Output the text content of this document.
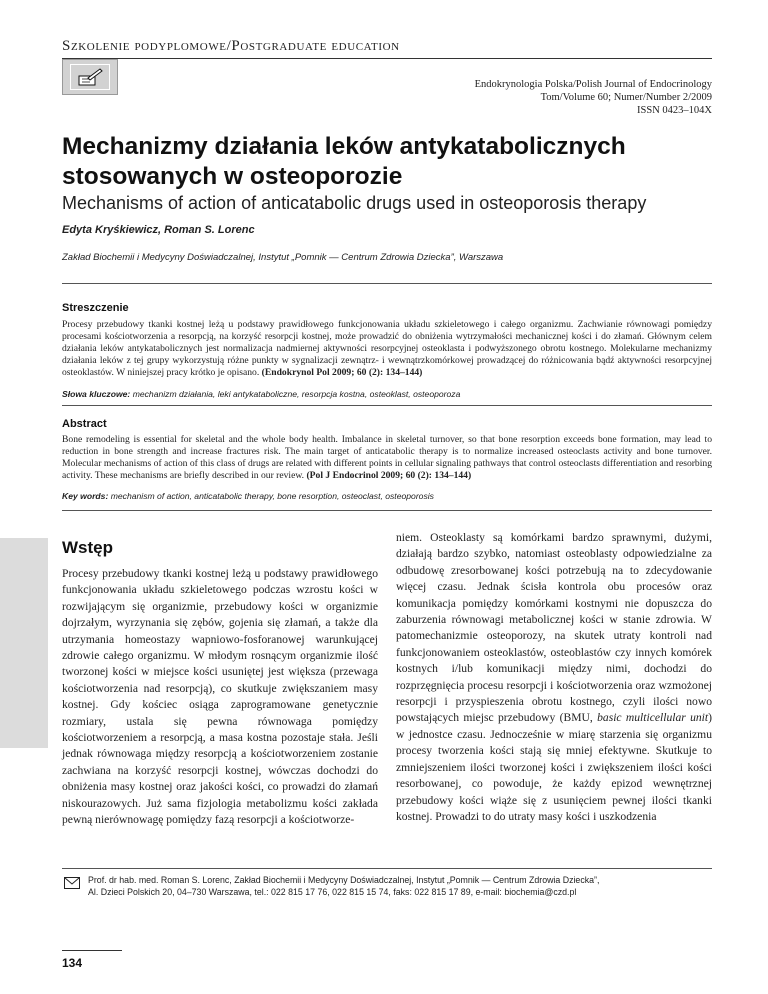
Szkolenie podyplomowe/Postgraduate education
Endokrynologia Polska/Polish Journal of Endocrinology
Tom/Volume 60; Numer/Number 2/2009
ISSN 0423–104X
Mechanizmy działania leków antykatabolicznych stosowanych w osteoporozie
Mechanisms of action of anticatabolic drugs used in osteoporosis therapy
Edyta Kryśkiewicz, Roman S. Lorenc
Zakład Biochemii i Medycyny Doświadczalnej, Instytut „Pomnik — Centrum Zdrowia Dziecka”, Warszawa
Streszczenie
Procesy przebudowy tkanki kostnej leżą u podstawy prawidłowego funkcjonowania układu szkieletowego i całego organizmu. Zachwianie równowagi pomiędzy procesami kościotworzenia a resorpcją, na korzyść resorpcji kostnej, może prowadzić do obniżenia wytrzymałości mechanicznej kości i do złamań. Głównym celem działania leków antykatabolicznych jest normalizacja nadmiernej aktywności resorpcyjnej osteoklasta i podwyższonego obrotu kostnego. Molekularne mechanizmy działania leków z tej grupy wykorzystują różne punkty w sygnalizacji zewnątrz- i wewnątrzkomórkowej prowadzącej do różnicowania bądź aktywności resorpcyjnej osteoklastów. W niniejszej pracy krótko je opisano. (Endokrynol Pol 2009; 60 (2): 134–144)
Słowa kluczowe: mechanizm działania, leki antykataboliczne, resorpcja kostna, osteoklast, osteoporoza
Abstract
Bone remodeling is essential for skeletal and the whole body health. Imbalance in skeletal turnover, so that bone resorption exceeds bone formation, may lead to reduction in bone strength and increase fractures risk. The main target of anticatabolic therapy is to normalize increased osteoclasts activity and bone turnover. Molecular mechanisms of action of this class of drugs are related with different points in cellular signaling pathways that control osteoclasts differentiation and resorbing activity. These mechanisms are briefly described in our review. (Pol J Endocrinol 2009; 60 (2): 134–144)
Key words: mechanism of action, anticatabolic therapy, bone resorption, osteoclast, osteoporosis
Wstęp
Procesy przebudowy tkanki kostnej leżą u podstawy prawidłowego funkcjonowania układu szkieletowego podczas wzrostu kości w rozwijającym się organizmie, przebudowy kości w organizmie dojrzałym, wyrzynania się zębów, gojenia się złamań, a także dla utrzymania homeostazy wapniowo-fosforanowej warunkującej zdrowie całego organizmu. W młodym rosnącym organizmie ilość tworzonej kości w miejsce kości usuniętej jest większa (przewaga kościotworzenia nad resorpcją), co skutkuje zwiększaniem masy kostnej. Gdy kościec osiąga zaprogramowane genetycznie rozmiary, ustala się pewna równowaga pomiędzy kościotworzeniem a resorpcją, a masa kostna pozostaje stała. Jeśli jednak równowaga między resorpcją a kościotworzeniem zostanie zachwiana na korzyść resorpcji kostnej, wówczas dochodzi do obniżenia masy kostnej oraz jakości kości, co prowadzi do złamań niskourazowych. Już sama fizjologia metabolizmu kości zakłada pewną nierównowagę pomiędzy fazą resorpcji a kościotworze-
niem. Osteoklasty są komórkami bardzo sprawnymi, dużymi, działają bardzo szybko, natomiast osteoblasty odpowiedzialne za odbudowę zresorbowanej kości potrzebują na to zdecydowanie więcej czasu. Jednak ścisła kontrola obu procesów oraz komunikacja pomiędzy komórkami kostnymi nie dopuszcza do zaburzenia równowagi metabolicznej kości w stanie zdrowia. W patomechanizmie osteoporozy, na skutek utraty kontroli nad funkcjonowaniem osteoklastów, osteoblastów czy innych komórek kostnych i/lub komunikacji między nimi, dochodzi do rozprzęgnięcia procesu resorpcji i kościotworzenia oraz wzmożonej resorpcji i przyspieszenia obrotu kostnego, czyli ilości nowo powstających miejsc przebudowy (BMU, basic multicellular unit) w jednostce czasu. Jednocześnie w miarę starzenia się organizmu procesy tworzenia kości stają się mniej efektywne. Skutkuje to zmniejszeniem ilości tworzonej kości i zwiększeniem ilości kości resorbowanej, co powoduje, że każdy epizod wewnętrznej przebudowy kości wiąże się z usunięciem pewnej ilości tkanki kostnej. Prowadzi to do utraty masy kości i uszkodzenia
Prof. dr hab. med. Roman S. Lorenc, Zakład Biochemii i Medycyny Doświadczalnej, Instytut „Pomnik — Centrum Zdrowia Dziecka”,
Al. Dzieci Polskich 20, 04–730 Warszawa, tel.: 022 815 17 76, 022 815 15 74, faks: 022 815 17 89, e-mail: biochemia@czd.pl
134
